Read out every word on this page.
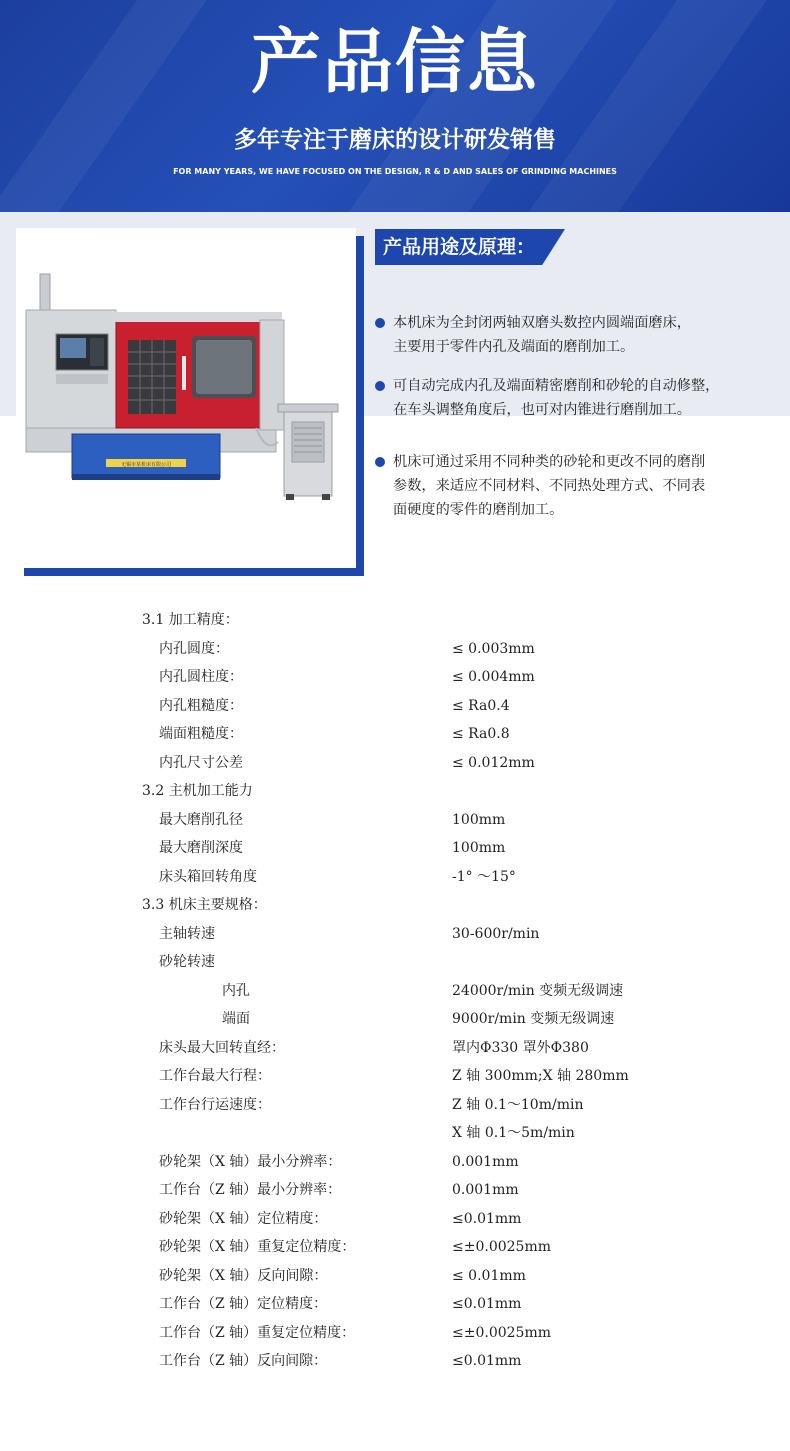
产品信息
多年专注于磨床的设计研发销售
FOR MANY YEARS, WE HAVE FOCUSED ON THE DESIGN, R & D AND SALES OF GRINDING MACHINES
无锡市某机床有限公司
产品用途及原理：
本机床为全封闭两轴双磨头数控内圆端面磨床，
主要用于零件内孔及端面的磨削加工。
可自动完成内孔及端面精密磨削和砂轮的自动修整，
在车头调整角度后，也可对内锥进行磨削加工。
机床可通过采用不同种类的砂轮和更改不同的磨削
参数，来适应不同材料、不同热处理方式、不同表
面硬度的零件的磨削加工。
3.1 加工精度：
内孔圆度：	≤ 0.003mm
内孔圆柱度：	≤ 0.004mm
内孔粗糙度：	≤ Ra0.4
端面粗糙度：	≤ Ra0.8
内孔尺寸公差	≤ 0.012mm
3.2 主机加工能力
最大磨削孔径	100mm
最大磨削深度	100mm
床头箱回转角度	-1° ～15°
3.3 机床主要规格：
主轴转速	30-600r/min
砂轮转速
内孔	24000r/min 变频无级调速
端面	9000r/min 变频无级调速
床头最大回转直经：	罩内Φ330 罩外Φ380
工作台最大行程：	Z 轴 300mm;X 轴 280mm
工作台行运速度：	Z 轴 0.1～10m/min
X 轴 0.1～5m/min
砂轮架（X 轴）最小分辨率：	0.001mm
工作台（Z 轴）最小分辨率：	0.001mm
砂轮架（X 轴）定位精度：	≤0.01mm
砂轮架（X 轴）重复定位精度：	≤±0.0025mm
砂轮架（X 轴）反向间隙：	≤ 0.01mm
工作台（Z 轴）定位精度：	≤0.01mm
工作台（Z 轴）重复定位精度：	≤±0.0025mm
工作台（Z 轴）反向间隙：	≤0.01mm
